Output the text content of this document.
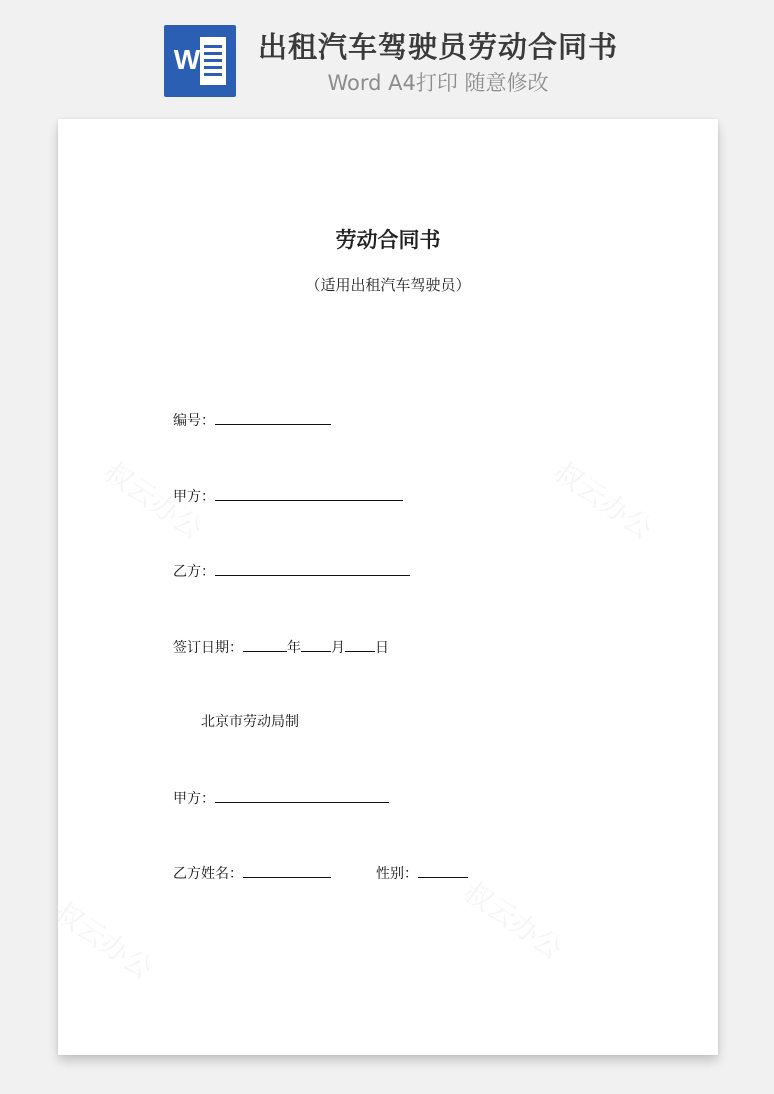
W 出租汽车驾驶员劳动合同书
Word A4打印 随意修改
劳动合同书
（适用出租汽车驾驶员）
编号：
甲方：
乙方：
签订日期：	年 月 日
北京市劳动局制
甲方：
乙方姓名：	性别：
